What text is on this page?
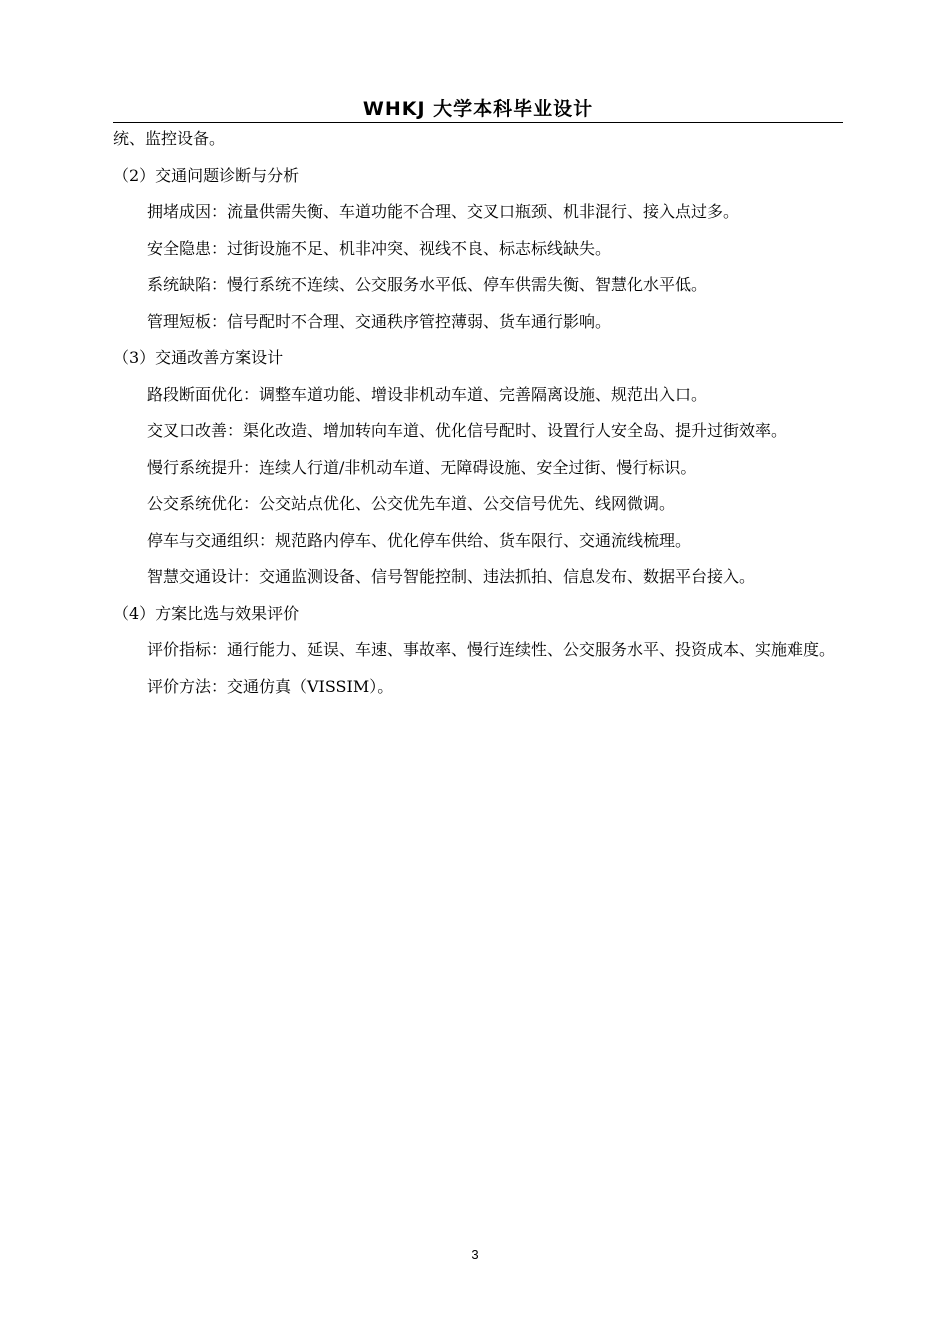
WHKJ 大学本科毕业设计

统、监控设备。

（2）交通问题诊断与分析

拥堵成因：流量供需失衡、车道功能不合理、交叉口瓶颈、机非混行、接入点过多。

安全隐患：过街设施不足、机非冲突、视线不良、标志标线缺失。

系统缺陷：慢行系统不连续、公交服务水平低、停车供需失衡、智慧化水平低。

管理短板：信号配时不合理、交通秩序管控薄弱、货车通行影响。

（3）交通改善方案设计

路段断面优化：调整车道功能、增设非机动车道、完善隔离设施、规范出入口。

交叉口改善：渠化改造、增加转向车道、优化信号配时、设置行人安全岛、提升过街效率。

慢行系统提升：连续人行道/非机动车道、无障碍设施、安全过街、慢行标识。

公交系统优化：公交站点优化、公交优先车道、公交信号优先、线网微调。

停车与交通组织：规范路内停车、优化停车供给、货车限行、交通流线梳理。

智慧交通设计：交通监测设备、信号智能控制、违法抓拍、信息发布、数据平台接入。

（4）方案比选与效果评价

评价指标：通行能力、延误、车速、事故率、慢行连续性、公交服务水平、投资成本、实施难度。

评价方法：交通仿真（VISSIM）。

3
